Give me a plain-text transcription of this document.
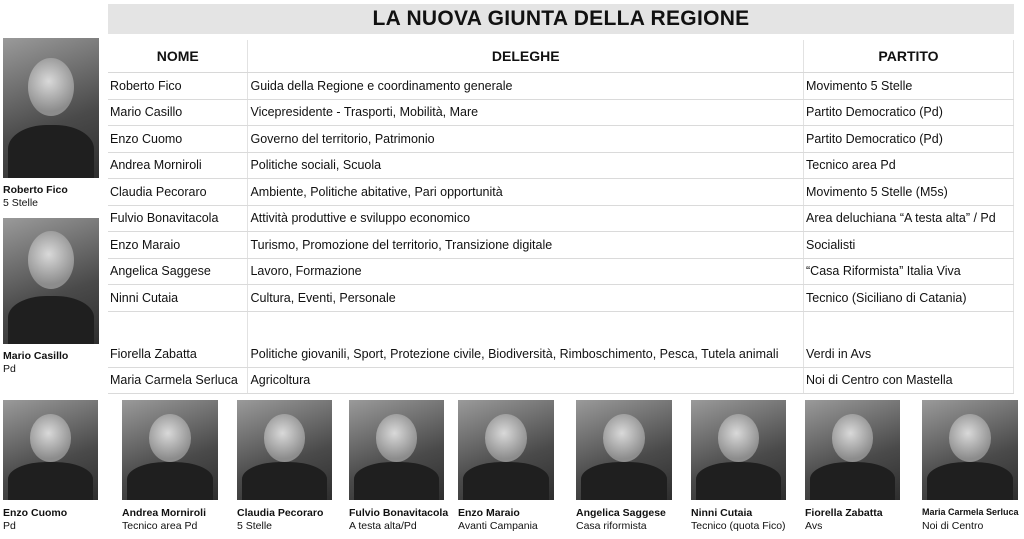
LA NUOVA GIUNTA DELLA REGIONE
NOME	DELEGHE	PARTITO
Roberto Fico	Guida della Regione e coordinamento generale	Movimento 5 Stelle
Mario Casillo	Vicepresidente - Trasporti, Mobilità, Mare	Partito Democratico (Pd)
Enzo Cuomo	Governo del territorio, Patrimonio	Partito Democratico (Pd)
Andrea Morniroli	Politiche sociali, Scuola	Tecnico area Pd
Claudia Pecoraro	Ambiente, Politiche abitative, Pari opportunità	Movimento 5 Stelle (M5s)
Fulvio Bonavitacola	Attività produttive e sviluppo economico	Area deluchiana “A testa alta” / Pd
Enzo Maraio	Turismo, Promozione del territorio, Transizione digitale	Socialisti
Angelica Saggese	Lavoro, Formazione	“Casa Riformista” Italia Viva
Ninni Cutaia	Cultura, Eventi, Personale	Tecnico (Siciliano di Catania)
Fiorella Zabatta	Politiche giovanili, Sport, Protezione civile, Biodiversità, Rimboschimento, Pesca, Tutela animali	Verdi in Avs
Maria Carmela Serluca	Agricoltura	Noi di Centro con Mastella
Roberto Fico
5 Stelle
Mario Casillo
Pd
Enzo Cuomo
Pd
Andrea Morniroli
Tecnico area Pd
Claudia Pecoraro
5 Stelle
Fulvio Bonavitacola
A testa alta/Pd
Enzo Maraio
Avanti Campania
Angelica Saggese
Casa riformista
Ninni Cutaia
Tecnico (quota Fico)
Fiorella Zabatta
Avs
Maria Carmela Serluca
Noi di Centro
